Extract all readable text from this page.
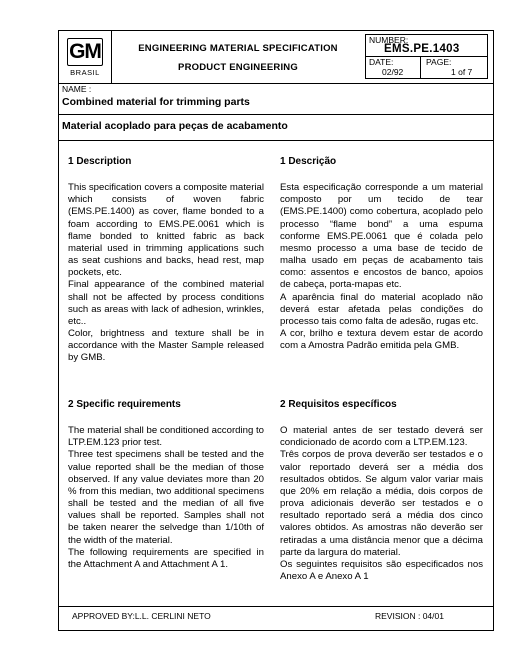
GM
BRASIL
ENGINEERING MATERIAL SPECIFICATION
PRODUCT ENGINEERING
NUMBER:
EMS.PE.1403
DATE:
02/92
PAGE:
1 of 7
NAME :
Combined material for trimming parts
Material acoplado para peças de acabamento
1 Description

This specification covers a composite material which consists of woven fabric (EMS.PE.1400) as cover, flame bonded to a foam according to EMS.PE.0061 which is flame bonded to knitted fabric as back material used in trimming applications such as seat cushions and backs, head rest, map pockets, etc.

Final appearance of the combined material shall not be affected by process conditions such as areas with lack of adhesion, wrinkles, etc..

Color, brightness and texture shall be in accordance with the Master Sample released by GMB.

1 Descrição

Esta especificação corresponde a um material composto por um tecido de tear (EMS.PE.1400) como cobertura, acoplado pelo processo “flame bond” a uma espuma conforme EMS.PE.0061 que é colada pelo mesmo processo a uma base de tecido de malha usado em peças de acabamento tais como: assentos e encostos de banco, apoios de cabeça, porta-mapas etc.

A aparência final do material acoplado não deverá estar afetada pelas condições do processo tais como falta de adesão, rugas etc.

A cor, brilho e textura devem estar de acordo com a Amostra Padrão emitida pela GMB.

2 Specific requirements

The material shall be conditioned according to LTP.EM.123 prior test.

Three test specimens shall be tested and the value reported shall be the median of those observed. If any value deviates more than 20 % from this median, two additional specimens shall be tested and the median of all five values shall be reported. Samples shall not be taken nearer the selvedge than 1/10th of the width of the material.

The following requirements are specified in the Attachment A and Attachment A 1.

2 Requisitos específicos

O material antes de ser testado deverá ser condicionado de acordo com a LTP.EM.123.

Três corpos de prova deverão ser testados e o valor reportado deverá ser a média dos resultados obtidos. Se algum valor variar mais que 20% em relação a média, dois corpos de prova adicionais deverão ser testados e o resultado reportado será a média dos cinco valores obtidos. As amostras não deverão ser retiradas a uma distância menor que a décima parte da largura do material.

Os seguintes requisitos são especificados nos Anexo A e Anexo A 1

APPROVED BY:L.L. CERLINI NETO	REVISION : 04/01
